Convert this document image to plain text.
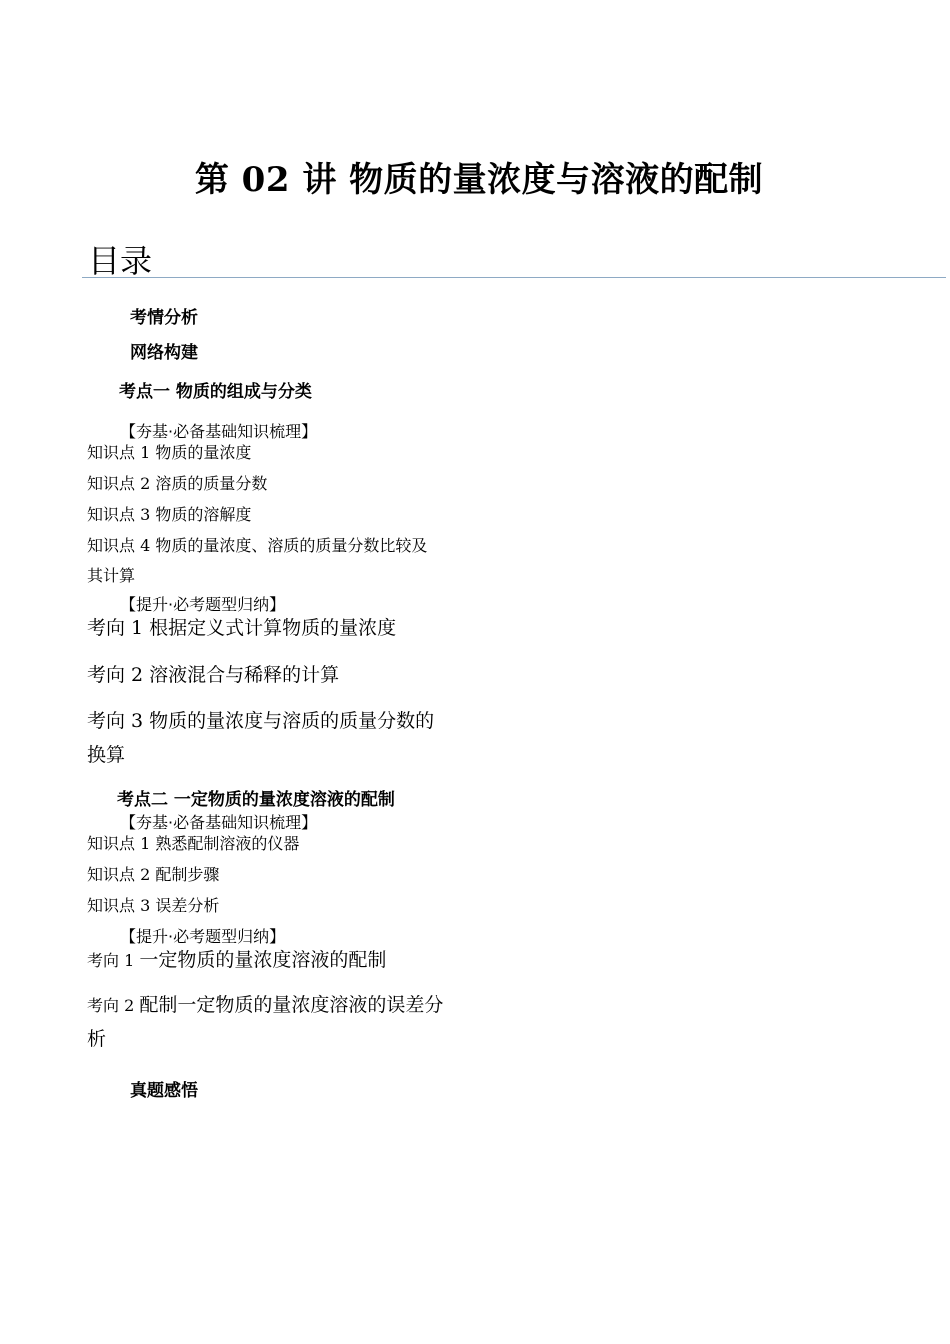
第 02 讲 物质的量浓度与溶液的配制
目录
考情分析
网络构建
考点一 物质的组成与分类
【夯基·必备基础知识梳理】
知识点 1 物质的量浓度
知识点 2 溶质的质量分数
知识点 3 物质的溶解度
知识点 4 物质的量浓度、溶质的质量分数比较及
其计算
【提升·必考题型归纳】
考向 1 根据定义式计算物质的量浓度
考向 2 溶液混合与稀释的计算
考向 3 物质的量浓度与溶质的质量分数的
换算
考点二 一定物质的量浓度溶液的配制
【夯基·必备基础知识梳理】
知识点 1 熟悉配制溶液的仪器
知识点 2 配制步骤
知识点 3 误差分析
【提升·必考题型归纳】
考向 1 一定物质的量浓度溶液的配制
考向 2 配制一定物质的量浓度溶液的误差分
析
真题感悟
